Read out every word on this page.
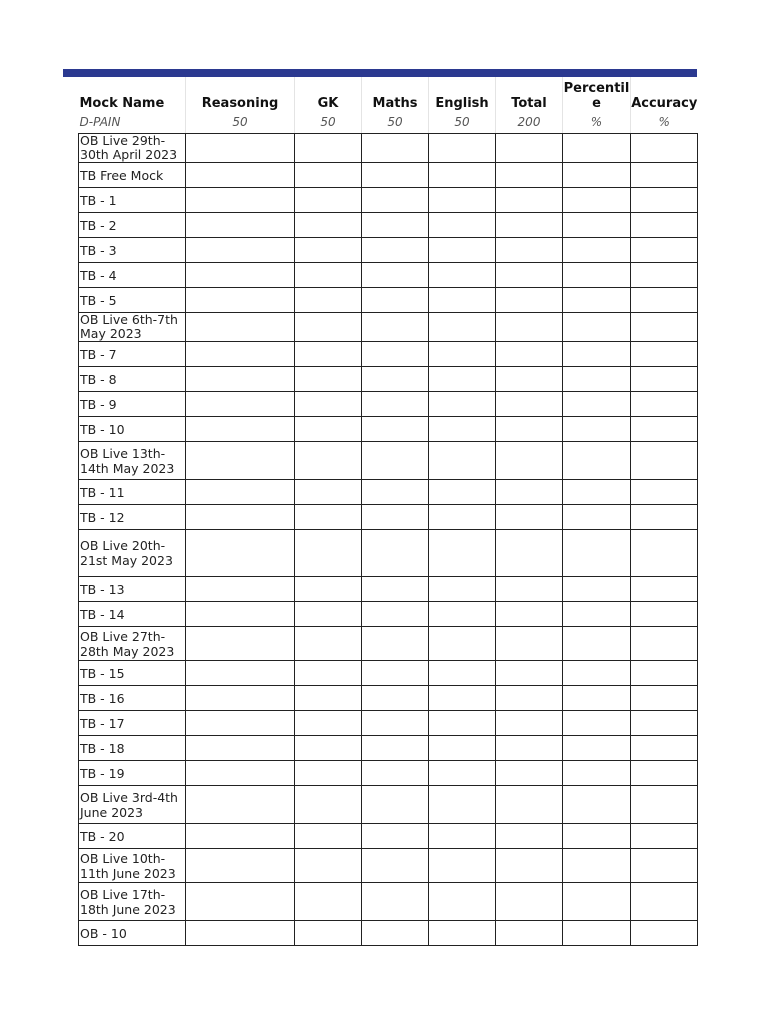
Mock Name	Reasoning	GK	Maths	English	Total	Percentil e	Accuracy
D-PAIN	50	50	50	50	200	%	%
OB Live 29th-30th April 2023							
TB Free Mock							
TB - 1							
TB - 2							
TB - 3							
TB - 4							
TB - 5							
OB Live 6th-7th May 2023							
TB - 7							
TB - 8							
TB - 9							
TB - 10							
OB Live 13th-14th May 2023							
TB - 11							
TB - 12							
OB Live 20th-21st May 2023							
TB - 13							
TB - 14							
OB Live 27th-28th May 2023							
TB - 15							
TB - 16							
TB - 17							
TB - 18							
TB - 19							
OB Live 3rd-4th June 2023							
TB - 20							
OB Live 10th-11th June 2023							
OB Live 17th-18th June 2023							
OB - 10							
